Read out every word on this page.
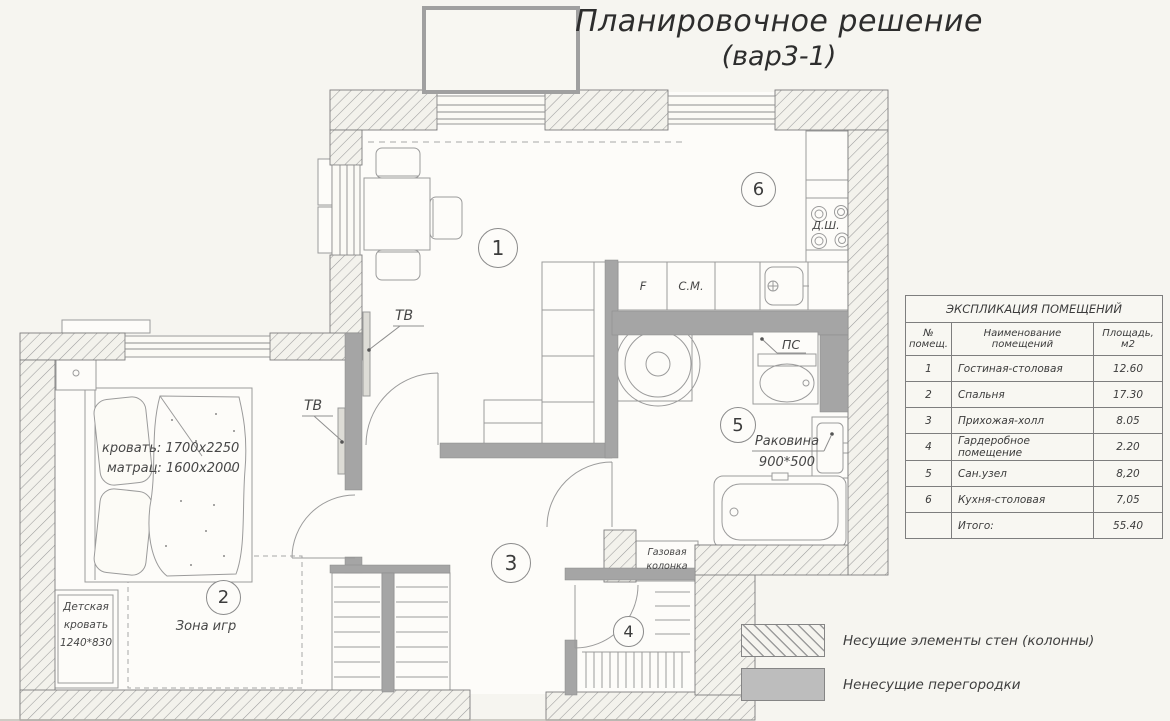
Планировочное решение
(вар3-1)
1
2
3
4
5
6
ТВ
ТВ
ПС
Д.Ш.
F	С.М.
Раковина
900*500
кровать: 1700x2250
матрац: 1600x2000
Зона игр
Детская
кровать
1240*830
Газовая
колонка
ЭКСПЛИКАЦИЯ ПОМЕЩЕНИЙ		
№ помещ.	Наименование помещений	Площадь, м2
1	Гостиная-столовая	12.60
2	Спальня	17.30
3	Прихожая-холл	8.05
4	Гардеробное помещение	2.20
5	Сан.узел	8,20
6	Кухня-столовая	7,05
	Итого:	55.40
Несущие элементы стен (колонны)
Ненесущие перегородки
